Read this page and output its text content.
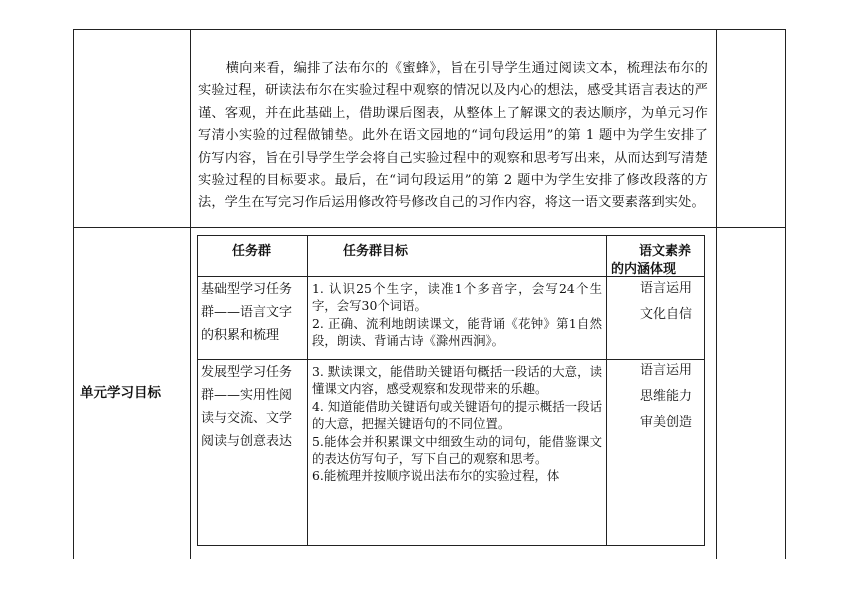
横向来看，编排了法布尔的《蜜蜂》，旨在引导学生通过阅读文本，梳理法布尔的实验过程，研读法布尔在实验过程中观察的情况以及内心的想法，感受其语言表达的严谨、客观，并在此基础上，借助课后图表，从整体上了解课文的表达顺序，为单元习作写清小实验的过程做铺垫。此外在语文园地的“词句段运用”的第 1 题中为学生安排了仿写内容，旨在引导学生学会将自己实验过程中的观察和思考写出来，从而达到写清楚实验过程的目标要求。最后，在“词句段运用”的第 2 题中为学生安排了修改段落的方法，学生在写完习作后运用修改符号修改自己的习作内容，将这一语文要素落到实处。
单元学习目标
任务群	任务群目标	语文素养
的内涵体现
基础型学习任务
群——语言文字
的积累和梳理
1. 认识25个生字，读准1个多音字，会写24个生字，会写30个词语。
2. 正确、流利地朗读课文，能背诵《花钟》第1自然段，朗读、背诵古诗《滁州西涧》。
语言运用
文化自信
发展型学习任务
群——实用性阅
读与交流、文学
阅读与创意表达
3. 默读课文，能借助关键语句概括一段话的大意，读懂课文内容，感受观察和发现带来的乐趣。
4. 知道能借助关键语句或关键语句的提示概括一段话的大意，把握关键语句的不同位置。
5.能体会并积累课文中细致生动的词句，能借鉴课文的表达仿写句子，写下自己的观察和思考。
6.能梳理并按顺序说出法布尔的实验过程，体
语言运用
思维能力
审美创造
